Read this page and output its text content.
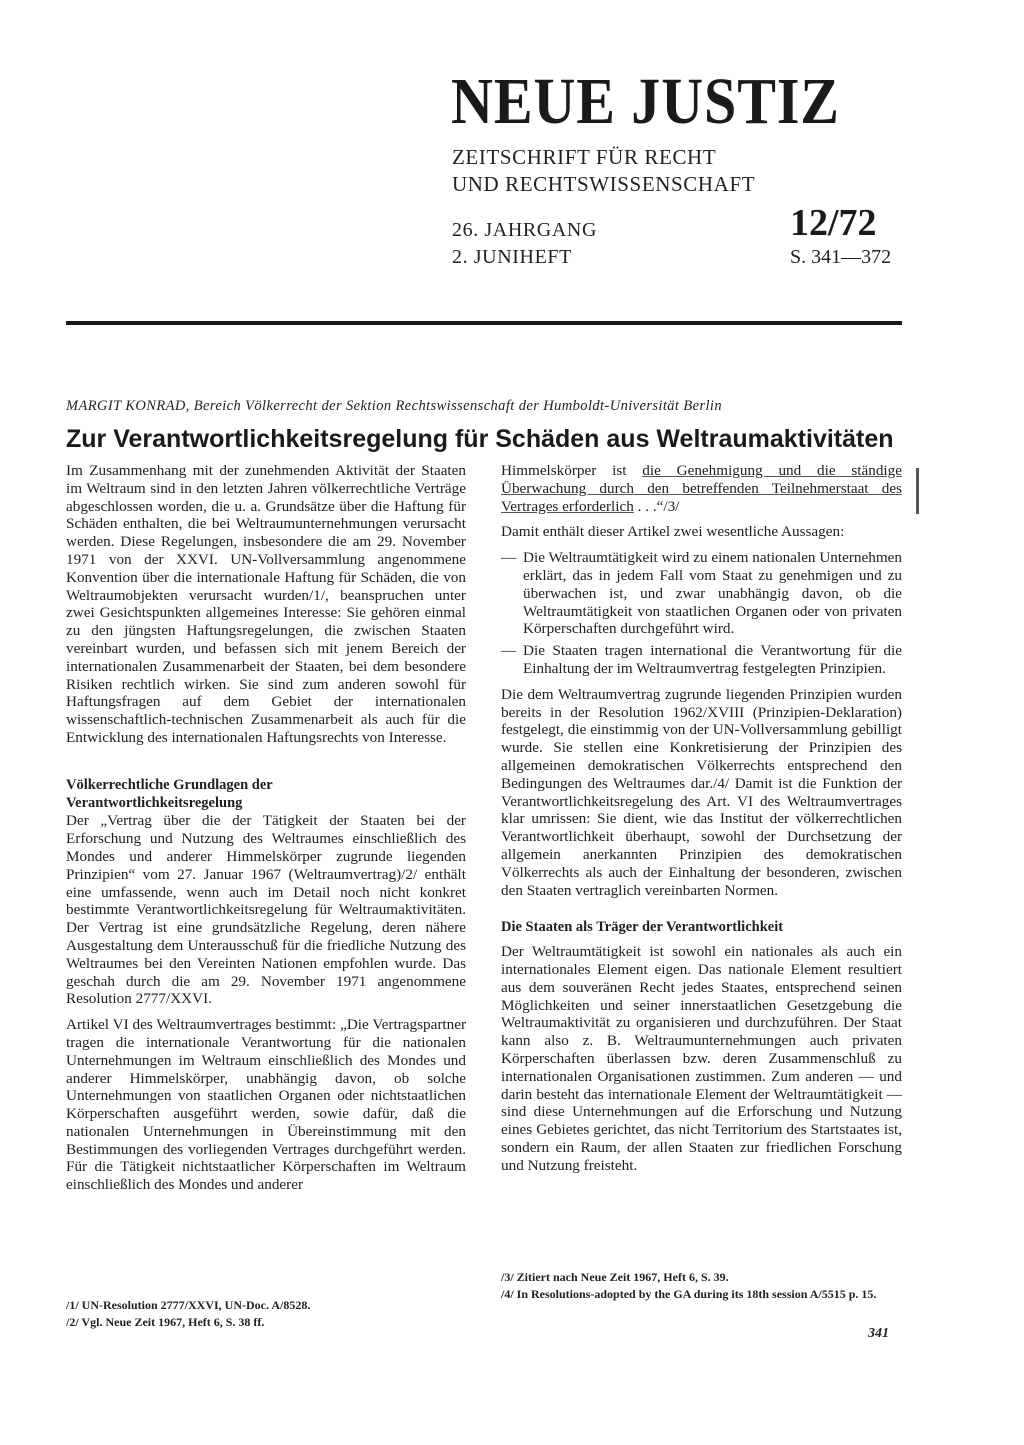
NEUE JUSTIZ
ZEITSCHRIFT FÜR RECHT
UND RECHTSWISSENSCHAFT
26. JAHRGANG
2. JUNIHEFT
12/72
S. 341—372
MARGIT KONRAD, Bereich Völkerrecht der Sektion Rechtswissenschaft der Humboldt-Universität Berlin
Zur Verantwortlichkeitsregelung für Schäden aus Weltraumaktivitäten

Im Zusammenhang mit der zunehmenden Aktivität der Staaten im Weltraum sind in den letzten Jahren völkerrechtliche Verträge abgeschlossen worden, die u. a. Grundsätze über die Haftung für Schäden enthalten, die bei Weltraumunternehmungen verursacht werden. Diese Regelungen, insbesondere die am 29. November 1971 von der XXVI. UN-Vollversammlung angenommene Konvention über die internationale Haftung für Schäden, die von Weltraumobjekten verursacht wurden/1/, beanspruchen unter zwei Gesichtspunkten allgemeines Interesse: Sie gehören einmal zu den jüngsten Haftungsregelungen, die zwischen Staaten vereinbart wurden, und befassen sich mit jenem Bereich der internationalen Zusammenarbeit der Staaten, bei dem besondere Risiken rechtlich wirken. Sie sind zum anderen sowohl für Haftungsfragen auf dem Gebiet der internationalen wissenschaftlich-technischen Zusammenarbeit als auch für die Entwicklung des internationalen Haftungsrechts von Interesse.

Völkerrechtliche Grundlagen der
Verantwortlichkeitsregelung

Der „Vertrag über die der Tätigkeit der Staaten bei der Erforschung und Nutzung des Weltraumes einschließlich des Mondes und anderer Himmelskörper zugrunde liegenden Prinzipien“ vom 27. Januar 1967 (Weltraumvertrag)/2/ enthält eine umfassende, wenn auch im Detail noch nicht konkret bestimmte Verantwortlichkeitsregelung für Weltraumaktivitäten. Der Vertrag ist eine grundsätzliche Regelung, deren nähere Ausgestaltung dem Unterausschuß für die friedliche Nutzung des Weltraumes bei den Vereinten Nationen empfohlen wurde. Das geschah durch die am 29. November 1971 angenommene Resolution 2777/XXVI.

Artikel VI des Weltraumvertrages bestimmt: „Die Vertragspartner tragen die internationale Verantwortung für die nationalen Unternehmungen im Weltraum einschließlich des Mondes und anderer Himmelskörper, unabhängig davon, ob solche Unternehmungen von staatlichen Organen oder nichtstaatlichen Körperschaften ausgeführt werden, sowie dafür, daß die nationalen Unternehmungen in Übereinstimmung mit den Bestimmungen des vorliegenden Vertrages durchgeführt werden. Für die Tätigkeit nichtstaatlicher Körperschaften im Weltraum einschließlich des Mondes und anderer

Himmelskörper ist die Genehmigung und die ständige Überwachung durch den betreffenden Teilnehmerstaat des Vertrages erforderlich . . .“/3/

Damit enthält dieser Artikel zwei wesentliche Aussagen:

— Die Weltraumtätigkeit wird zu einem nationalen Unternehmen erklärt, das in jedem Fall vom Staat zu genehmigen und zu überwachen ist, und zwar unabhängig davon, ob die Weltraumtätigkeit von staatlichen Organen oder von privaten Körperschaften durchgeführt wird.
— Die Staaten tragen international die Verantwortung für die Einhaltung der im Weltraumvertrag festgelegten Prinzipien.

Die dem Weltraumvertrag zugrunde liegenden Prinzipien wurden bereits in der Resolution 1962/XVIII (Prinzipien-Deklaration) festgelegt, die einstimmig von der UN-Vollversammlung gebilligt wurde. Sie stellen eine Konkretisierung der Prinzipien des allgemeinen demokratischen Völkerrechts entsprechend den Bedingungen des Weltraumes dar./4/ Damit ist die Funktion der Verantwortlichkeitsregelung des Art. VI des Weltraumvertrages klar umrissen: Sie dient, wie das Institut der völkerrechtlichen Verantwortlichkeit überhaupt, sowohl der Durchsetzung der allgemein anerkannten Prinzipien des demokratischen Völkerrechts als auch der Einhaltung der besonderen, zwischen den Staaten vertraglich vereinbarten Normen.

Die Staaten als Träger der Verantwortlichkeit

Der Weltraumtätigkeit ist sowohl ein nationales als auch ein internationales Element eigen. Das nationale Element resultiert aus dem souveränen Recht jedes Staates, entsprechend seinen Möglichkeiten und seiner innerstaatlichen Gesetzgebung die Weltraumaktivität zu organisieren und durchzuführen. Der Staat kann also z. B. Weltraumunternehmungen auch privaten Körperschaften überlassen bzw. deren Zusammenschluß zu internationalen Organisationen zustimmen. Zum anderen — und darin besteht das internationale Element der Weltraumtätigkeit — sind diese Unternehmungen auf die Erforschung und Nutzung eines Gebietes gerichtet, das nicht Territorium des Startstaates ist, sondern ein Raum, der allen Staaten zur friedlichen Forschung und Nutzung freisteht.

/1/ UN-Resolution 2777/XXVI, UN-Doc. A/8528.
/2/ Vgl. Neue Zeit 1967, Heft 6, S. 38 ff.
/3/ Zitiert nach Neue Zeit 1967, Heft 6, S. 39.
/4/ In Resolutions-adopted by the GA during its 18th session A/5515 p. 15.
341
